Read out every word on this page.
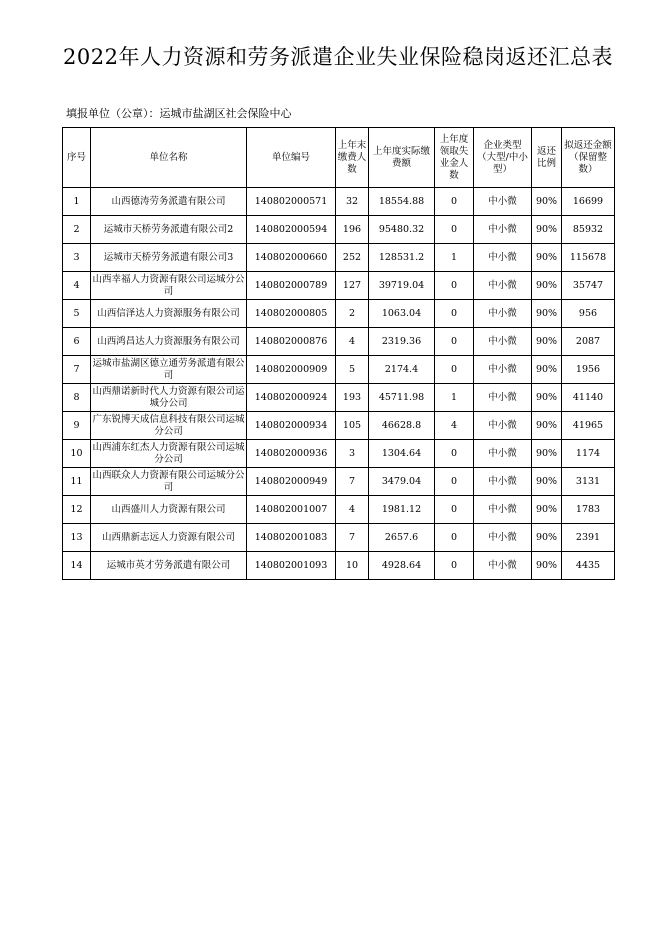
2022年人力资源和劳务派遣企业失业保险稳岗返还汇总表
填报单位（公章）：运城市盐湖区社会保险中心
序号	单位名称	单位编号	上年末缴费人数	上年度实际缴费额	上年度领取失业金人数	企业类型（大型/中小型）	返还比例	拟返还金额（保留整数）
1	山西德涛劳务派遣有限公司	140802000571	32	18554.88	0	中小微	90%	16699
2	运城市天桥劳务派遣有限公司2	140802000594	196	95480.32	0	中小微	90%	85932
3	运城市天桥劳务派遣有限公司3	140802000660	252	128531.2	1	中小微	90%	115678
4	山西幸福人力资源有限公司运城分公司	140802000789	127	39719.04	0	中小微	90%	35747
5	山西信泽达人力资源服务有限公司	140802000805	2	1063.04	0	中小微	90%	956
6	山西鸿昌达人力资源服务有限公司	140802000876	4	2319.36	0	中小微	90%	2087
7	运城市盐湖区德立通劳务派遣有限公司	140802000909	5	2174.4	0	中小微	90%	1956
8	山西鼎诺新时代人力资源有限公司运城分公司	140802000924	193	45711.98	1	中小微	90%	41140
9	广东锐博天成信息科技有限公司运城分公司	140802000934	105	46628.8	4	中小微	90%	41965
10	山西浦东红杰人力资源有限公司运城分公司	140802000936	3	1304.64	0	中小微	90%	1174
11	山西联众人力资源有限公司运城分公司	140802000949	7	3479.04	0	中小微	90%	3131
12	山西盛川人力资源有限公司	140802001007	4	1981.12	0	中小微	90%	1783
13	山西鼎新志远人力资源有限公司	140802001083	7	2657.6	0	中小微	90%	2391
14	运城市英才劳务派遣有限公司	140802001093	10	4928.64	0	中小微	90%	4435
